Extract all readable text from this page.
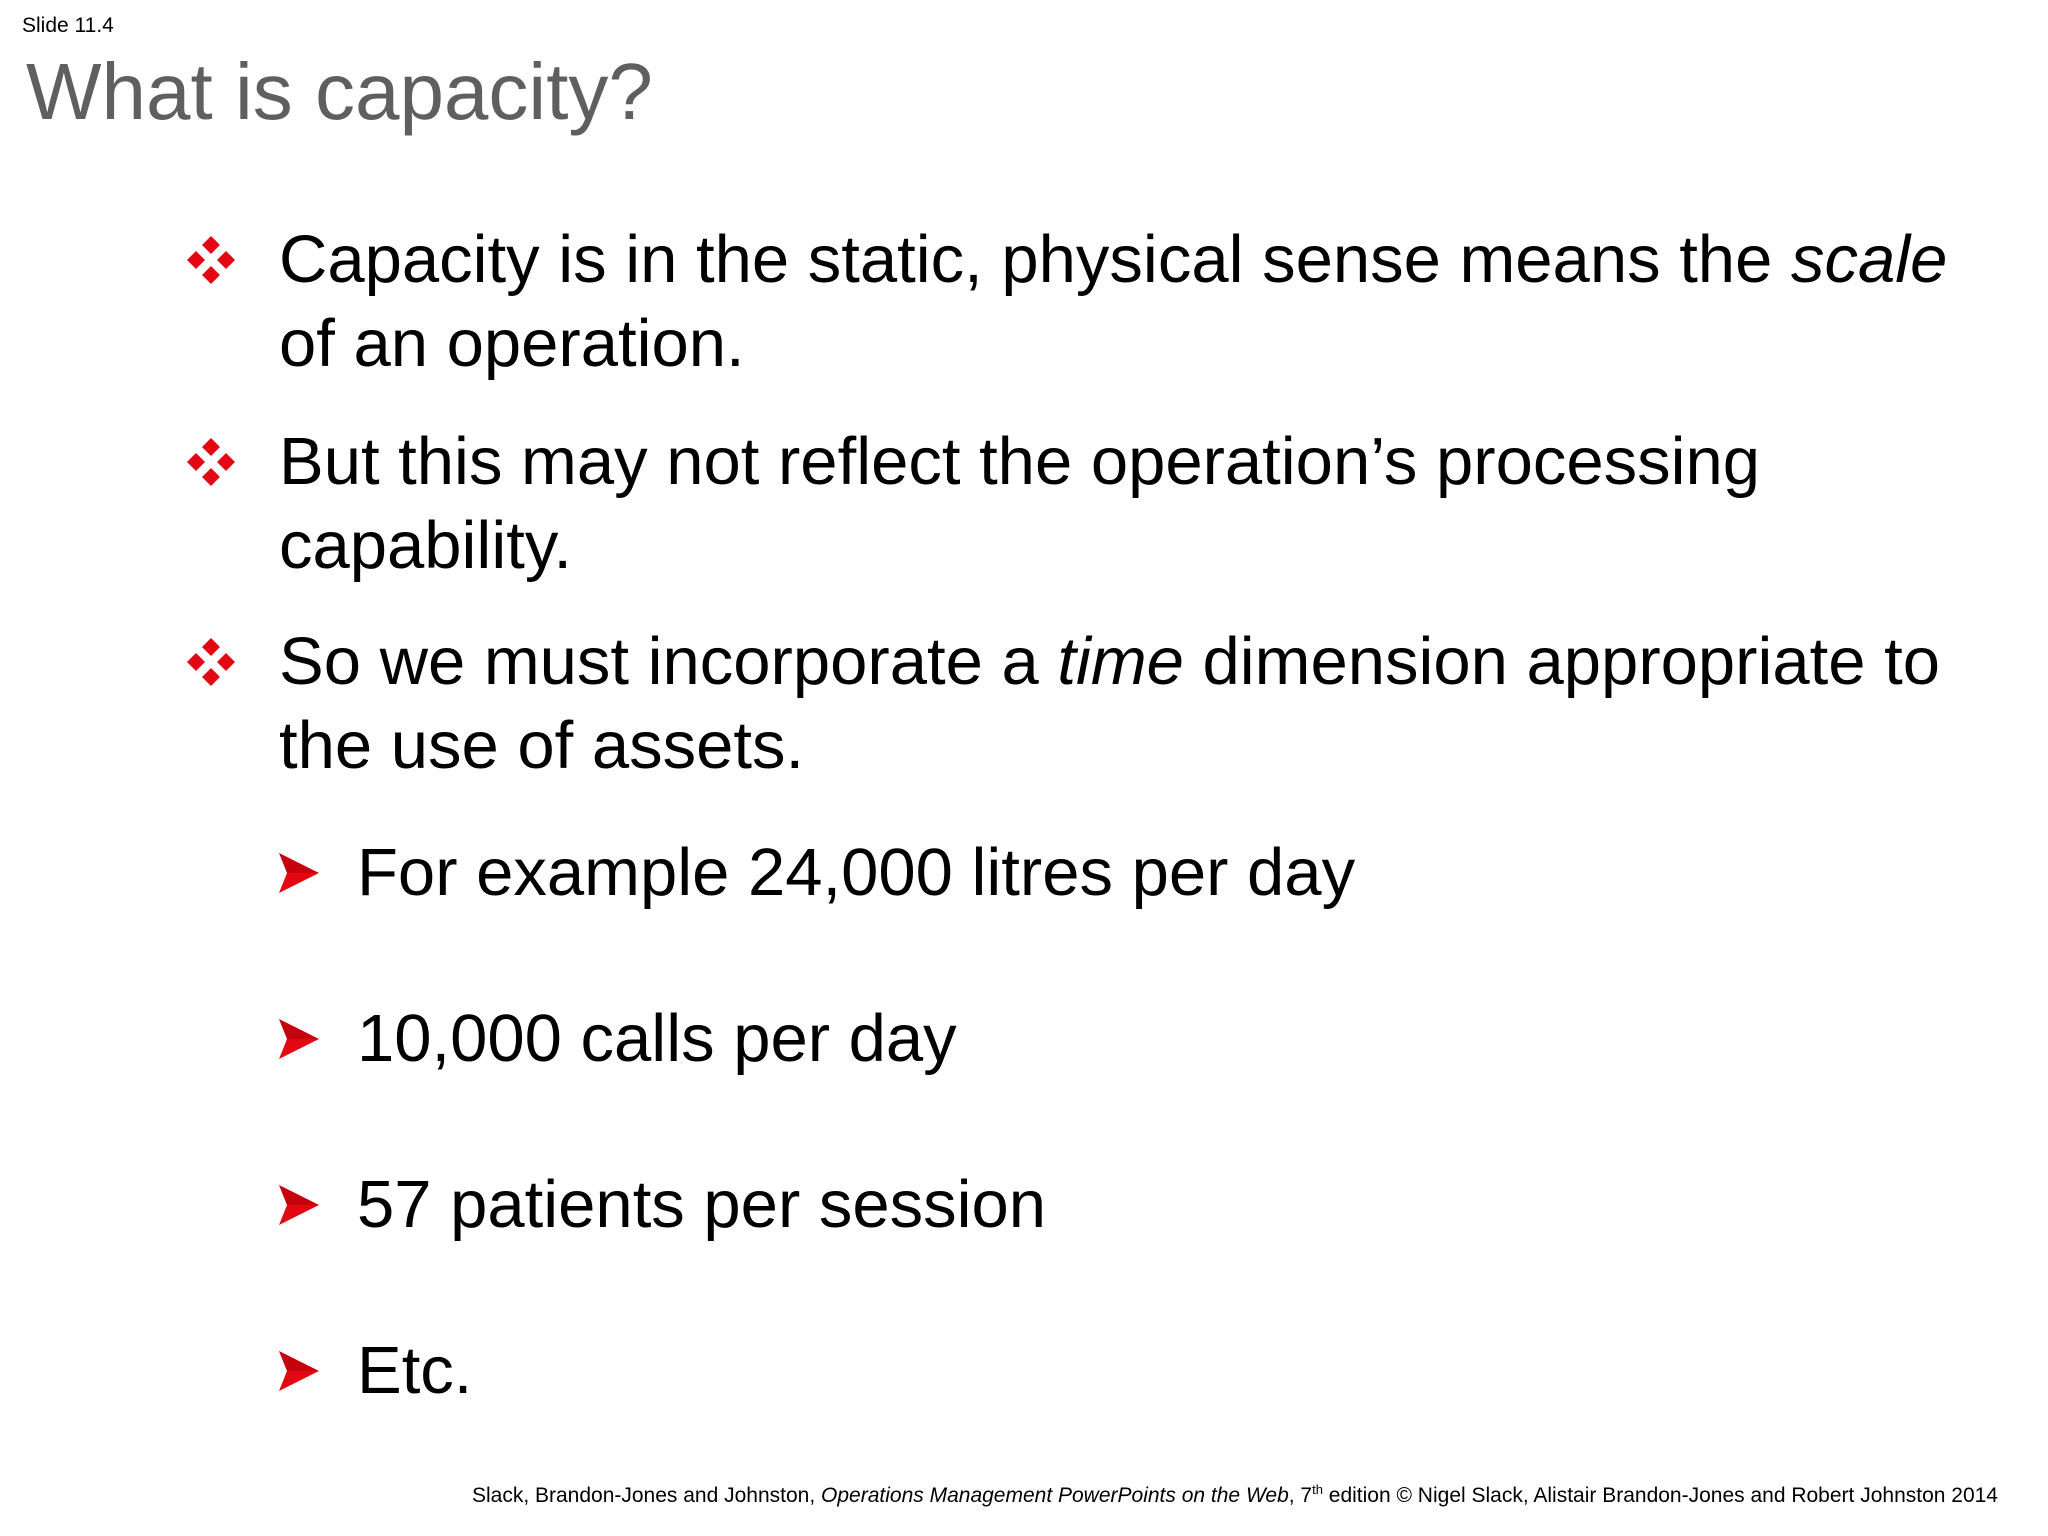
Slide 11.4
What is capacity?
Capacity is in the static, physical sense means the scale of an operation.
But this may not reflect the operation’s processing capability.
So we must incorporate a time dimension appropriate to the use of assets.
For example 24,000 litres per day
10,000 calls per day
57 patients per session
Etc.
Slack, Brandon-Jones and Johnston, Operations Management PowerPoints on the Web, 7th edition © Nigel Slack, Alistair Brandon-Jones and Robert Johnston 2014
